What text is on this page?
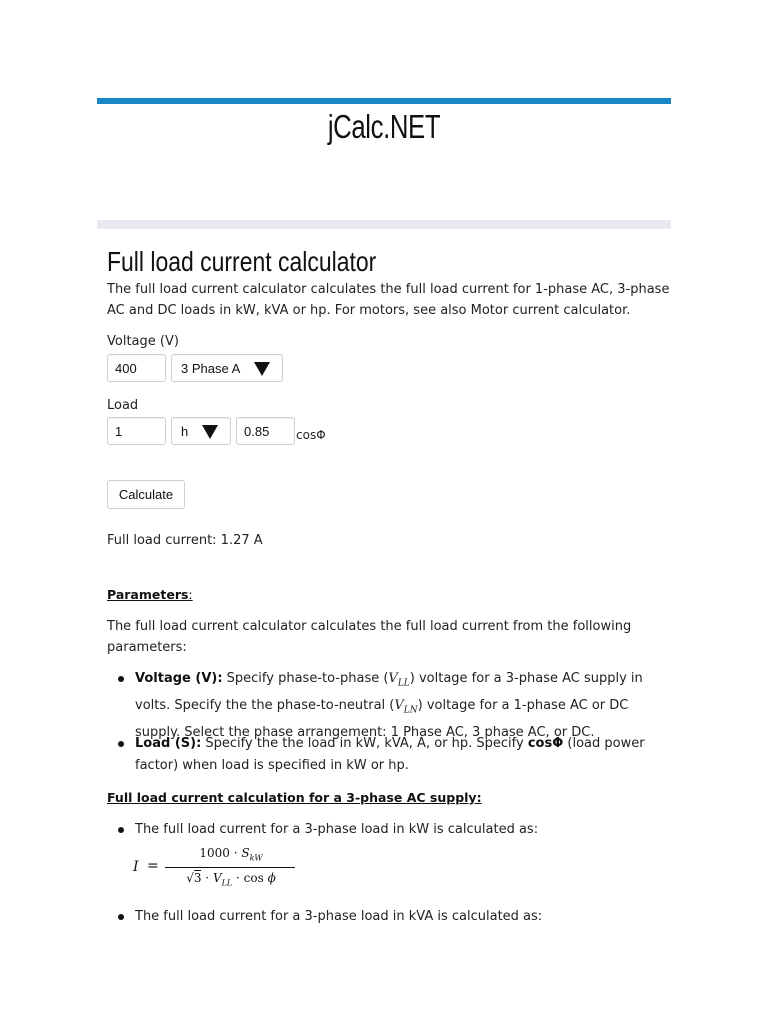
jCalc.NET
Full load current calculator
The full load current calculator calculates the full load current for 1-phase AC, 3-phase AC and DC loads in kW, kVA or hp. For motors, see also Motor current calculator.
Voltage (V)
400	3 Phase A
Load
1	h	0.85	cosΦ
Calculate
Full load current: 1.27 A
Parameters:
The full load current calculator calculates the full load current from the following parameters:
Voltage (V): Specify phase-to-phase $(V_{LL})$ voltage for a 3-phase AC supply in volts. Specify the the phase-to-neutral $(V_{LN})$ voltage for a 1-phase AC or DC supply. Select the phase arrangement: 1 Phase AC, 3 phase AC, or DC.
Load (S): Specify the the load in kW, kVA, A, or hp. Specify cosΦ (load power factor) when load is specified in kW or hp.
Full load current calculation for a 3-phase AC supply:
The full load current for a 3-phase load in kW is calculated as:
I =
$1000 \cdot S_{kW}$
$√3 \cdot V_{LL} \cdot \cos \phi$
The full load current for a 3-phase load in kVA is calculated as:
